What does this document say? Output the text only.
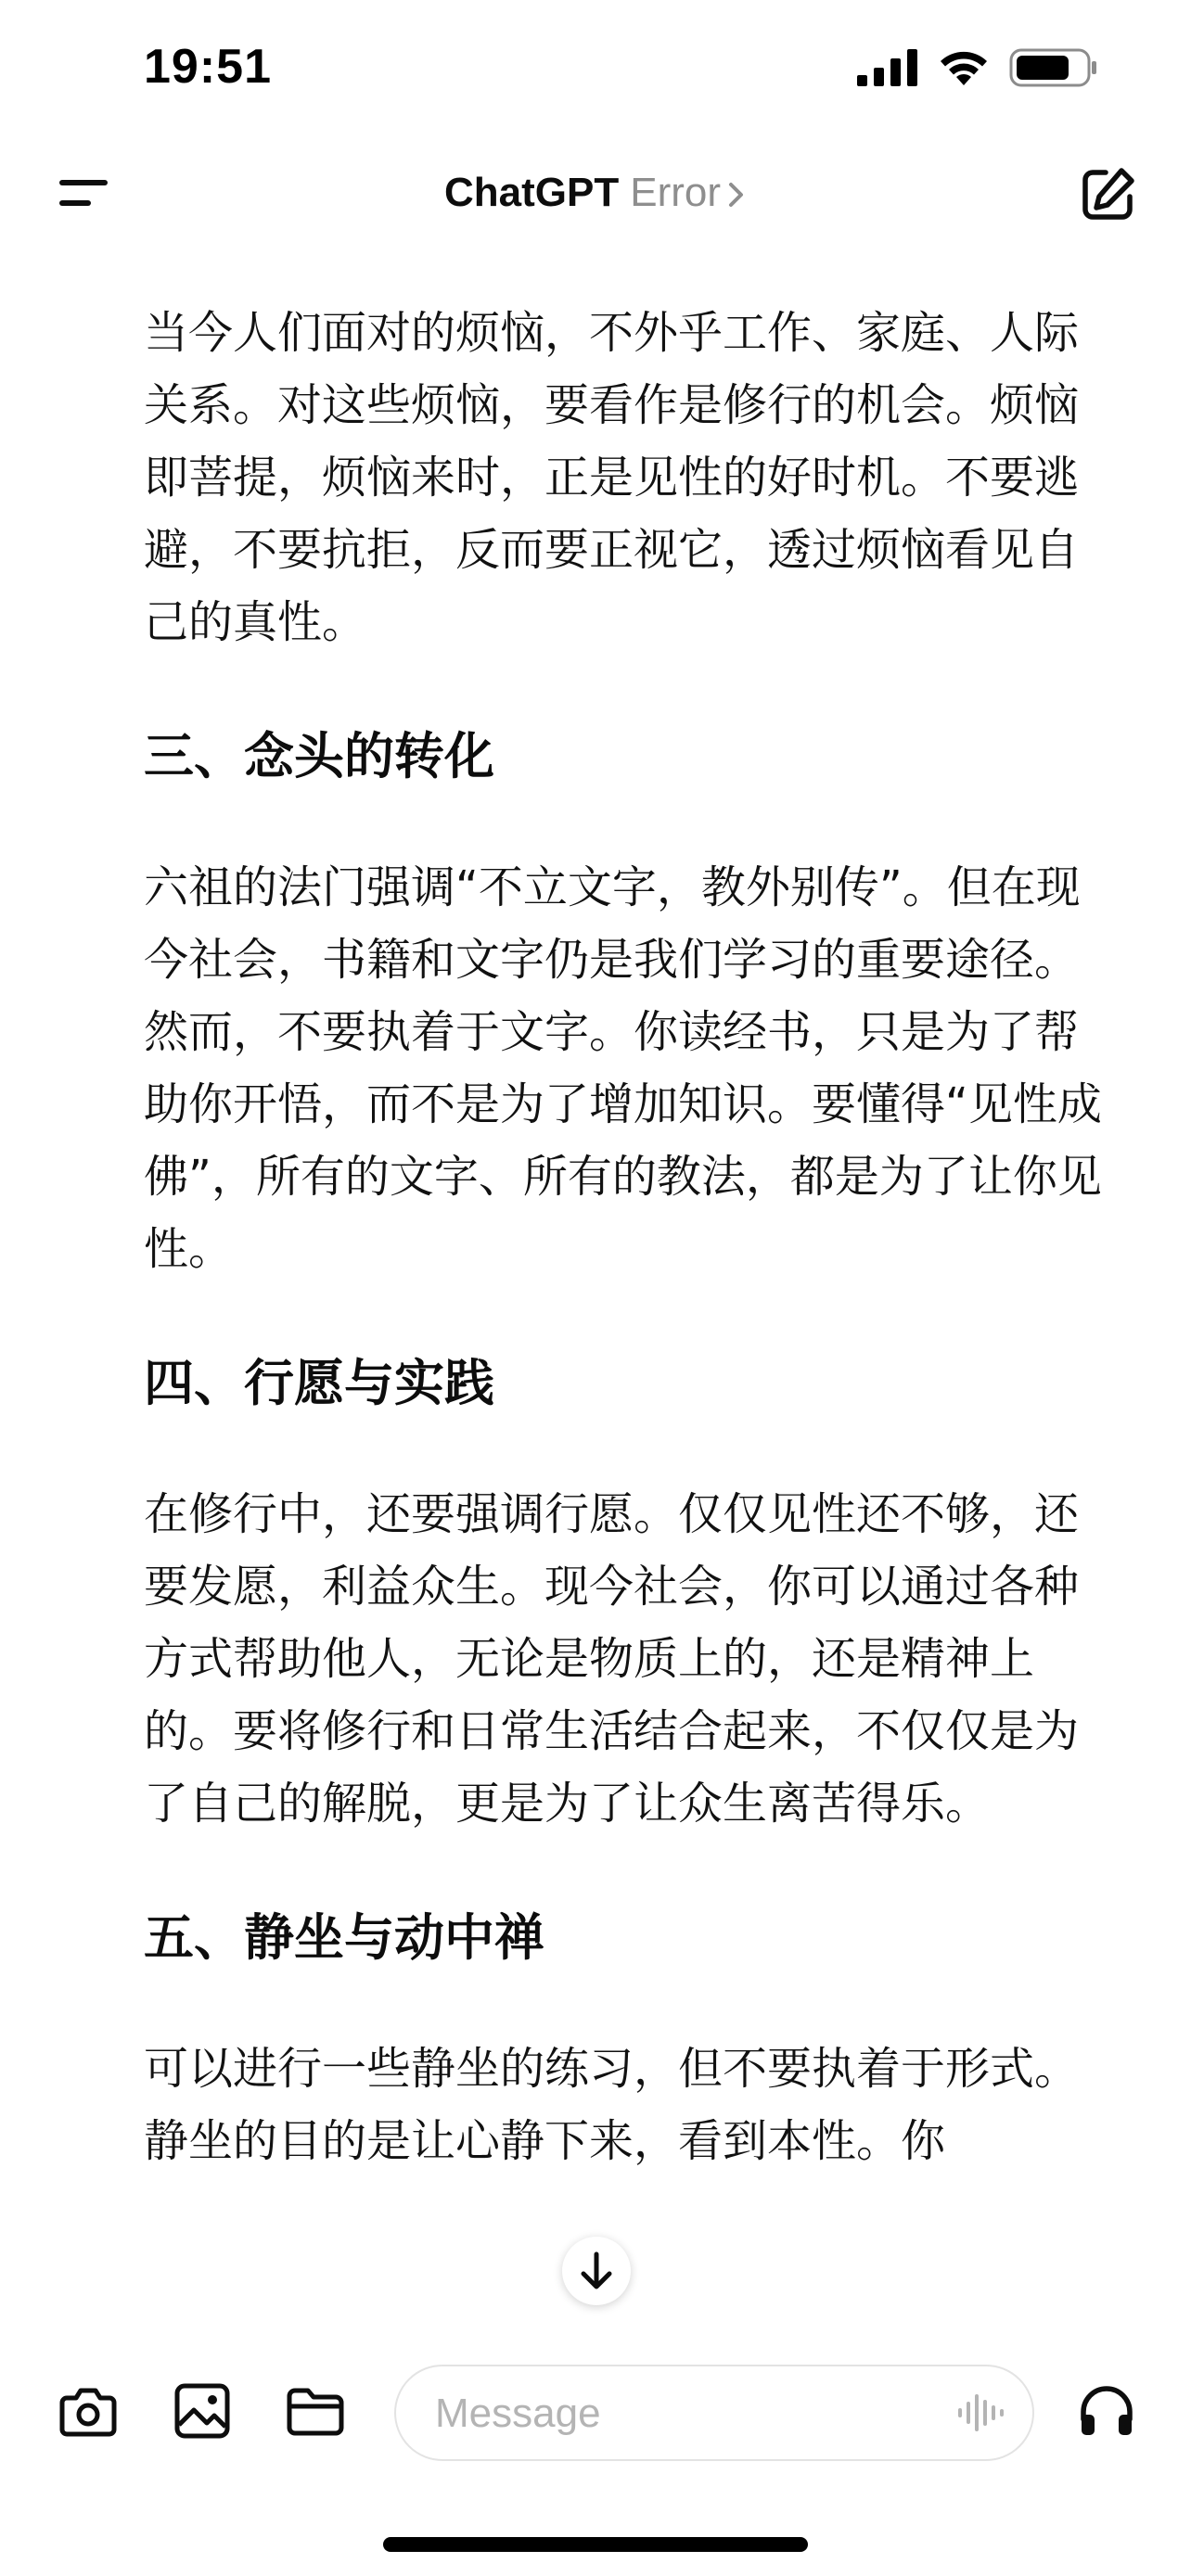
19:51
ChatGPT Error

当今人们面对的烦恼，不外乎工作、家庭、人际关系。对这些烦恼，要看作是修行的机会。烦恼即菩提，烦恼来时，正是见性的好时机。不要逃避，不要抗拒，反而要正视它，透过烦恼看见自己的真性。

三、念头的转化

六祖的法门强调“不立文字，教外别传”。但在现今社会，书籍和文字仍是我们学习的重要途径。然而，不要执着于文字。你读经书，只是为了帮助你开悟，而不是为了增加知识。要懂得“见性成佛”，所有的文字、所有的教法，都是为了让你见性。

四、行愿与实践

在修行中，还要强调行愿。仅仅见性还不够，还要发愿，利益众生。现今社会，你可以通过各种方式帮助他人，无论是物质上的，还是精神上的。要将修行和日常生活结合起来，不仅仅是为了自己的解脱，更是为了让众生离苦得乐。

五、静坐与动中禅

可以进行一些静坐的练习，但不要执着于形式。静坐的目的是让心静下来，看到本性。你

Message
